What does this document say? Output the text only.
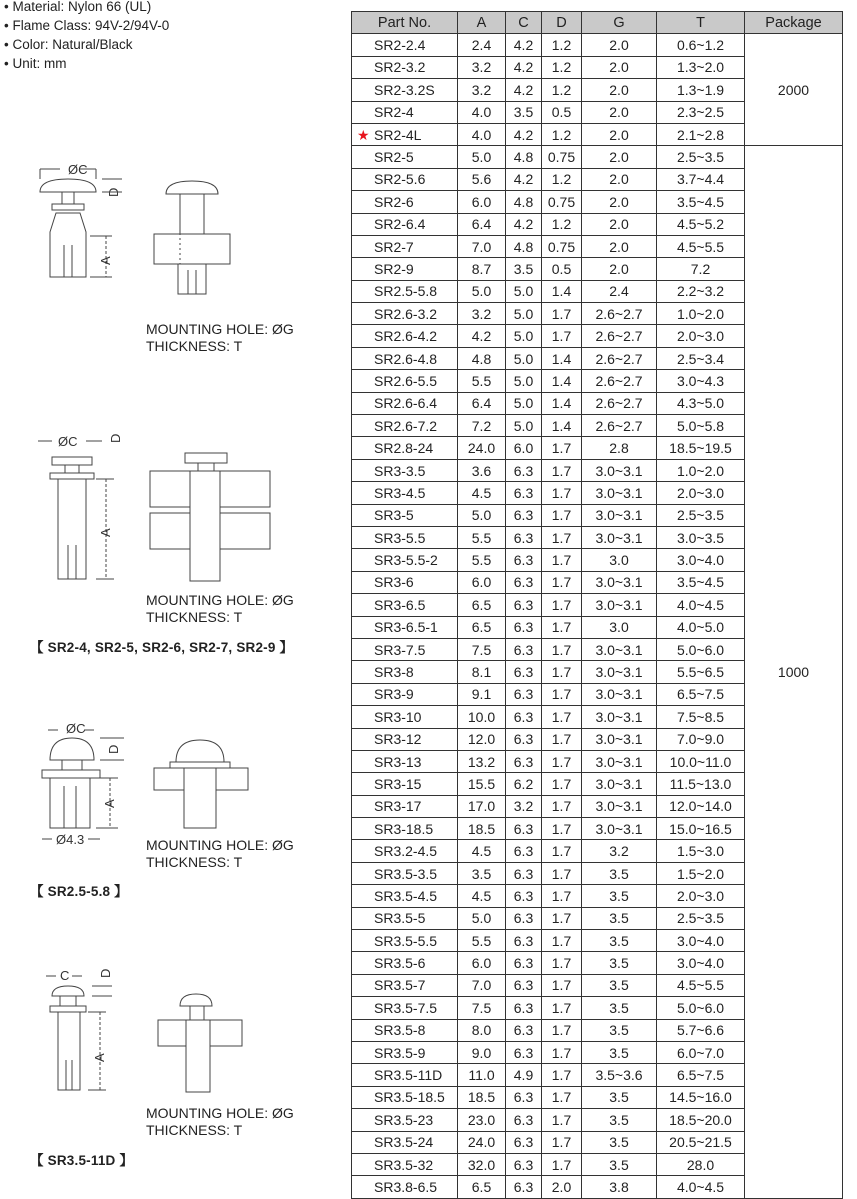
• Material: Nylon 66 (UL)
• Flame Class: 94V-2/94V-0
• Color: Natural/Black
• Unit: mm
ØC
D
A
MOUNTING HOLE: ØG
THICKNESS: T
ØC D
A
MOUNTING HOLE: ØG
THICKNESS: T
【 SR2-4, SR2-5, SR2-6, SR2-7, SR2-9 】
ØC
D
A
Ø4.3	MOUNTING HOLE: ØG
THICKNESS: T
【 SR2.5-5.8 】
C D
A
MOUNTING HOLE: ØG
THICKNESS: T
【 SR3.5-11D 】
Part No.	A	C	D	G	T	Package
SR2-2.4	2.4	4.2	1.2	2.0	0.6~1.2	2000
SR2-3.2	3.2	4.2	1.2	2.0	1.3~2.0	
SR2-3.2S	3.2	4.2	1.2	2.0	1.3~1.9	
SR2-4	4.0	3.5	0.5	2.0	2.3~2.5	

★ SR2-4L	4.0	4.2	1.2	2.0	2.1~2.8	
SR2-5	5.0	4.8	0.75	2.0	2.5~3.5	1000
SR2-5.6	5.6	4.2	1.2	2.0	3.7~4.4	
SR2-6	6.0	4.8	0.75	2.0	3.5~4.5	
SR2-6.4	6.4	4.2	1.2	2.0	4.5~5.2	
SR2-7	7.0	4.8	0.75	2.0	4.5~5.5	
SR2-9	8.7	3.5	0.5	2.0	7.2	
SR2.5-5.8	5.0	5.0	1.4	2.4	2.2~3.2	
SR2.6-3.2	3.2	5.0	1.7	2.6~2.7	1.0~2.0	
SR2.6-4.2	4.2	5.0	1.7	2.6~2.7	2.0~3.0	
SR2.6-4.8	4.8	5.0	1.4	2.6~2.7	2.5~3.4	
SR2.6-5.5	5.5	5.0	1.4	2.6~2.7	3.0~4.3	
SR2.6-6.4	6.4	5.0	1.4	2.6~2.7	4.3~5.0	
SR2.6-7.2	7.2	5.0	1.4	2.6~2.7	5.0~5.8	
SR2.8-24	24.0	6.0	1.7	2.8	18.5~19.5	
SR3-3.5	3.6	6.3	1.7	3.0~3.1	1.0~2.0	
SR3-4.5	4.5	6.3	1.7	3.0~3.1	2.0~3.0	
SR3-5	5.0	6.3	1.7	3.0~3.1	2.5~3.5	
SR3-5.5	5.5	6.3	1.7	3.0~3.1	3.0~3.5	
SR3-5.5-2	5.5	6.3	1.7	3.0	3.0~4.0	
SR3-6	6.0	6.3	1.7	3.0~3.1	3.5~4.5	
SR3-6.5	6.5	6.3	1.7	3.0~3.1	4.0~4.5	
SR3-6.5-1	6.5	6.3	1.7	3.0	4.0~5.0	
SR3-7.5	7.5	6.3	1.7	3.0~3.1	5.0~6.0	
SR3-8	8.1	6.3	1.7	3.0~3.1	5.5~6.5	
SR3-9	9.1	6.3	1.7	3.0~3.1	6.5~7.5	
SR3-10	10.0	6.3	1.7	3.0~3.1	7.5~8.5	
SR3-12	12.0	6.3	1.7	3.0~3.1	7.0~9.0	
SR3-13	13.2	6.3	1.7	3.0~3.1	10.0~11.0	
SR3-15	15.5	6.2	1.7	3.0~3.1	11.5~13.0	
SR3-17	17.0	3.2	1.7	3.0~3.1	12.0~14.0	
SR3-18.5	18.5	6.3	1.7	3.0~3.1	15.0~16.5	
SR3.2-4.5	4.5	6.3	1.7	3.2	1.5~3.0	
SR3.5-3.5	3.5	6.3	1.7	3.5	1.5~2.0	
SR3.5-4.5	4.5	6.3	1.7	3.5	2.0~3.0	
SR3.5-5	5.0	6.3	1.7	3.5	2.5~3.5	
SR3.5-5.5	5.5	6.3	1.7	3.5	3.0~4.0	
SR3.5-6	6.0	6.3	1.7	3.5	3.0~4.0	
SR3.5-7	7.0	6.3	1.7	3.5	4.5~5.5	
SR3.5-7.5	7.5	6.3	1.7	3.5	5.0~6.0	
SR3.5-8	8.0	6.3	1.7	3.5	5.7~6.6	
SR3.5-9	9.0	6.3	1.7	3.5	6.0~7.0	
SR3.5-11D	11.0	4.9	1.7	3.5~3.6	6.5~7.5	
SR3.5-18.5	18.5	6.3	1.7	3.5	14.5~16.0	
SR3.5-23	23.0	6.3	1.7	3.5	18.5~20.0	
SR3.5-24	24.0	6.3	1.7	3.5	20.5~21.5	
SR3.5-32	32.0	6.3	1.7	3.5	28.0	
SR3.8-6.5	6.5	6.3	2.0	3.8	4.0~4.5	
